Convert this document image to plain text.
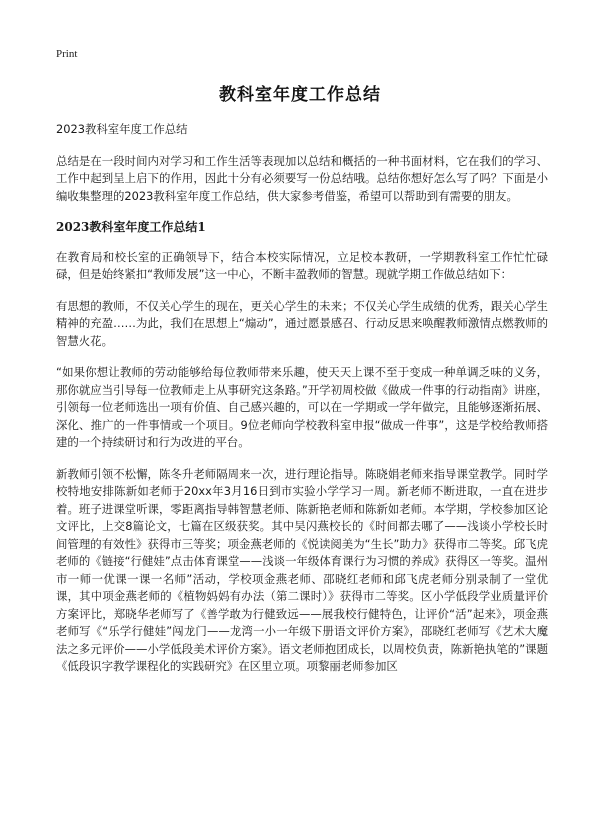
Print
教科室年度工作总结

2023教科室年度工作总结

总结是在一段时间内对学习和工作生活等表现加以总结和概括的一种书面材料，它在我们的学习、工作中起到呈上启下的作用，因此十分有必须要写一份总结哦。总结你想好怎么写了吗？下面是小编收集整理的2023教科室年度工作总结，供大家参考借鉴，希望可以帮助到有需要的朋友。

2023教科室年度工作总结1

在教育局和校长室的正确领导下，结合本校实际情况，立足校本教研，一学期教科室工作忙忙碌碌，但是始终紧扣“教师发展”这一中心，不断丰盈教师的智慧。现就学期工作做总结如下：

有思想的教师，不仅关心学生的现在，更关心学生的未来；不仅关心学生成绩的优秀，跟关心学生精神的充盈……为此，我们在思想上“煽动”，通过愿景感召、行动反思来唤醒教师激情点燃教师的智慧火花。

“如果你想让教师的劳动能够给每位教师带来乐趣，使天天上课不至于变成一种单调乏味的义务，那你就应当引导每一位教师走上从事研究这条路。”开学初周校做《做成一件事的行动指南》讲座，引领每一位老师选出一项有价值、自己感兴趣的，可以在一学期或一学年做完，且能够逐渐拓展、深化、推广的一件事情或一个项目。9位老师向学校教科室申报“做成一件事”，这是学校给教师搭建的一个持续研讨和行为改进的平台。

新教师引领不松懈，陈冬升老师隔周来一次，进行理论指导。陈晓娟老师来指导课堂教学。同时学校特地安排陈新如老师于20xx年3月16日到市实验小学学习一周。新老师不断进取，一直在进步着。班子进课堂听课，零距离指导韩智慧老师、陈新艳老师和陈新如老师。本学期，学校参加区论文评比，上交8篇论文，七篇在区级获奖。其中吴闪燕校长的《时间都去哪了——浅谈小学校长时间管理的有效性》获得市三等奖；项金燕老师的《悦读阅美为“生长”助力》获得市二等奖。邱飞虎老师的《链接“行健娃”点击体育课堂——浅谈一年级体育课行为习惯的养成》获得区一等奖。温州市一师一优课一课一名师”活动，学校项金燕老师、邵晓红老师和邱飞虎老师分别录制了一堂优课，其中项金燕老师的《植物妈妈有办法（第二课时）》获得市二等奖。区小学低段学业质量评价方案评比，郑晓华老师写了《善学敢为行健致远——展我校行健特色，让评价“活”起来》，项金燕老师写《“乐学行健娃”闯龙门——龙湾一小一年级下册语文评价方案》，邵晓红老师写《艺术大魔法之多元评价——小学低段美术评价方案》。语文老师抱团成长，以周校负责，陈新艳执笔的”课题《低段识字教学课程化的实践研究》在区里立项。项黎丽老师参加区
